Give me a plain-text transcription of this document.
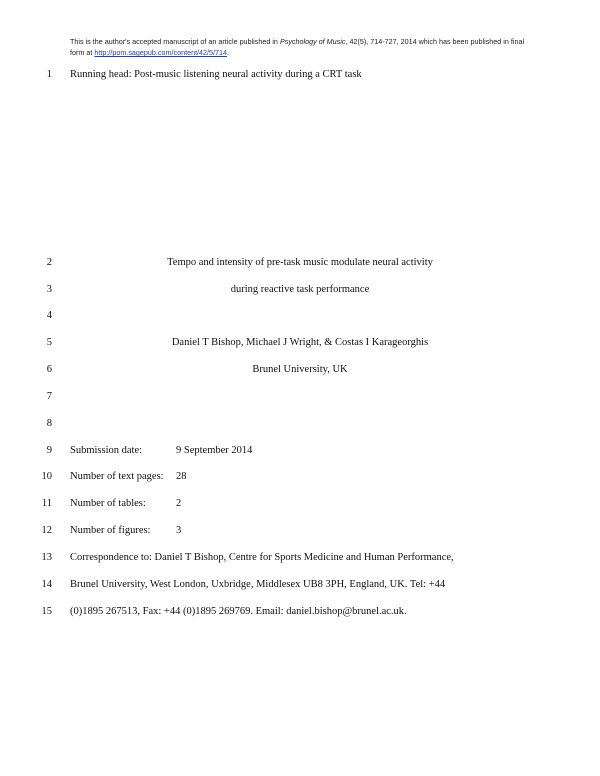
This is the author's accepted manuscript of an article published in Psychology of Music, 42(5), 714-727, 2014 which has been published in final form at http://pom.sagepub.com/content/42/5/714.
1 Running head: Post-music listening neural activity during a CRT task
2	Tempo and intensity of pre-task music modulate neural activity
3	during reactive task performance
4
5	Daniel T Bishop, Michael J Wright, & Costas I Karageorghis
6	Brunel University, UK
7
8
9 Submission date:	9 September 2014
10 Number of text pages: 28
11 Number of tables:	2
12 Number of figures: 3
13 Correspondence to: Daniel T Bishop, Centre for Sports Medicine and Human Performance,
14 Brunel University, West London, Uxbridge, Middlesex UB8 3PH, England, UK. Tel: +44
15 (0)1895 267513, Fax: +44 (0)1895 269769. Email: daniel.bishop@brunel.ac.uk.
